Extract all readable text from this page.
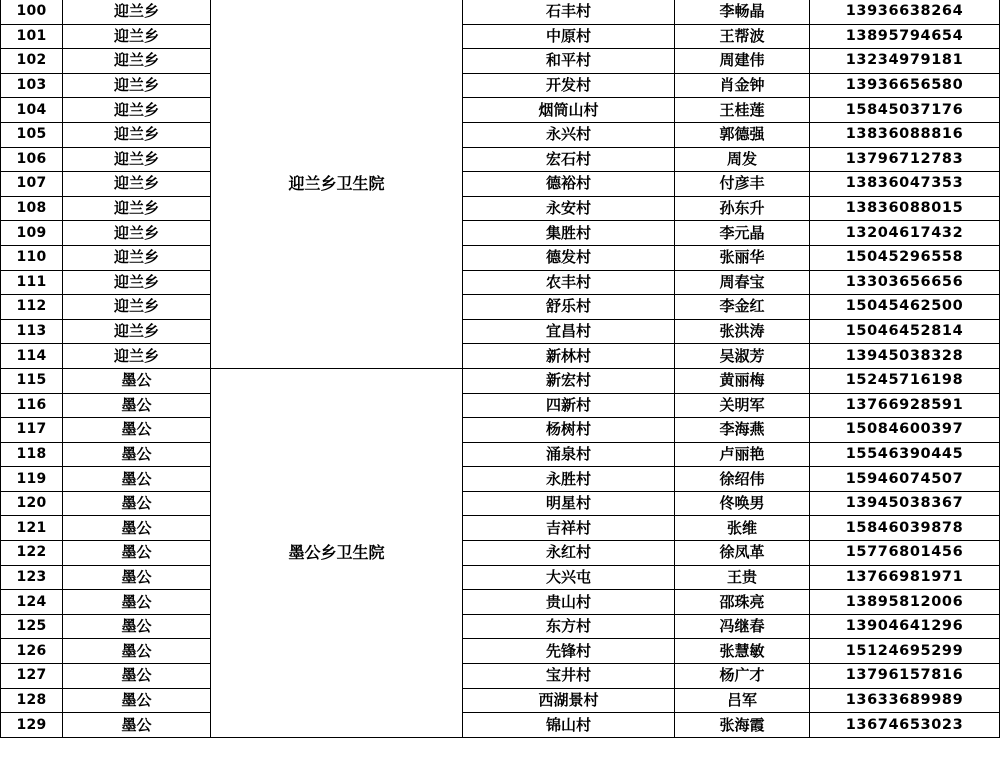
100	迎兰乡	迎兰乡卫生院	石丰村	李畅晶	13936638264
101	迎兰乡		中原村	王帮波	13895794654
102	迎兰乡		和平村	周建伟	13234979181
103	迎兰乡		开发村	肖金钟	13936656580
104	迎兰乡		烟筒山村	王桂莲	15845037176
105	迎兰乡		永兴村	郭德强	13836088816
106	迎兰乡		宏石村	周发	13796712783
107	迎兰乡		德裕村	付彦丰	13836047353
108	迎兰乡		永安村	孙东升	13836088015
109	迎兰乡		集胜村	李元晶	13204617432
110	迎兰乡		德发村	张丽华	15045296558
111	迎兰乡		农丰村	周春宝	13303656656
112	迎兰乡		舒乐村	李金红	15045462500
113	迎兰乡		宜昌村	张洪涛	15046452814
114	迎兰乡		新林村	吴淑芳	13945038328
115	墨公	墨公乡卫生院	新宏村	黄丽梅	15245716198
116	墨公		四新村	关明军	13766928591
117	墨公		杨树村	李海燕	15084600397
118	墨公		涌泉村	卢丽艳	15546390445
119	墨公		永胜村	徐绍伟	15946074507
120	墨公		明星村	佟唤男	13945038367
121	墨公		吉祥村	张维	15846039878
122	墨公		永红村	徐凤革	15776801456
123	墨公		大兴屯	王贵	13766981971
124	墨公		贵山村	邵珠亮	13895812006
125	墨公		东方村	冯继春	13904641296
126	墨公		先锋村	张慧敏	15124695299
127	墨公		宝井村	杨广才	13796157816
128	墨公		西湖景村	吕军	13633689989
129	墨公		锦山村	张海霞	13674653023
